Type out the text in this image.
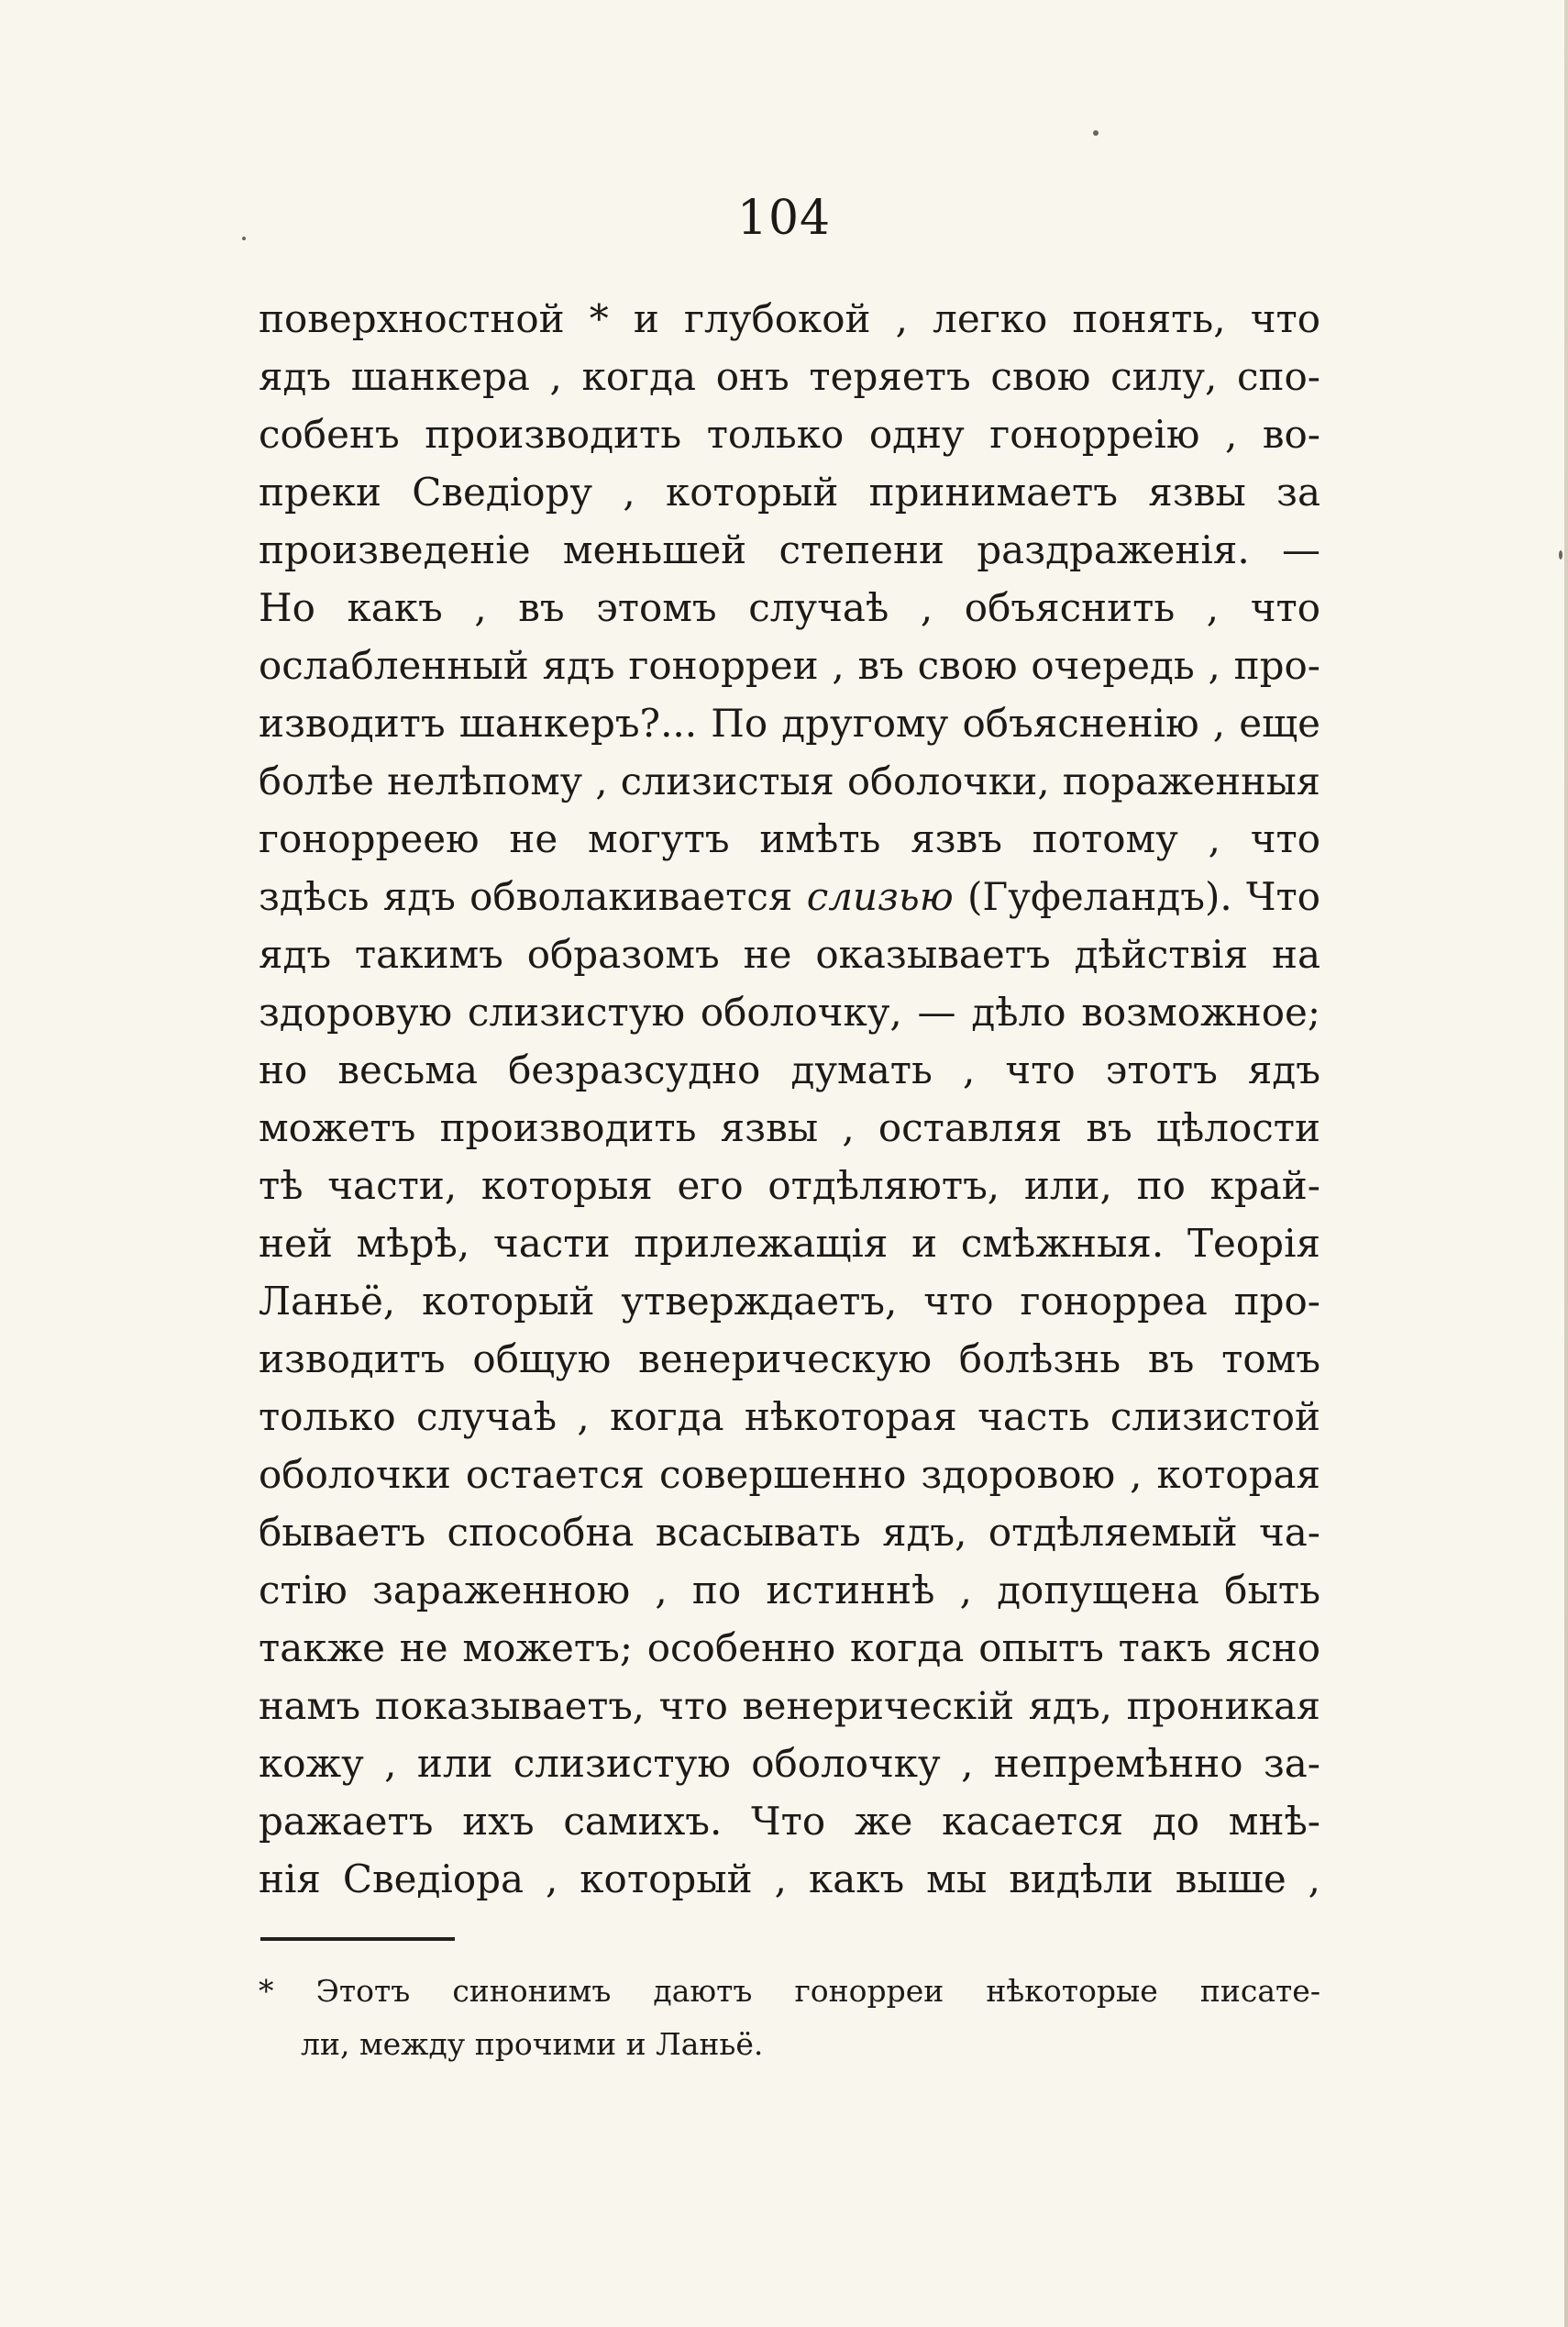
104
поверхностной * и глубокой , легко понять, что
ядъ шанкера , когда онъ теряетъ свою силу, спо-
собенъ производить только одну гонорреію , во-
преки Сведіору , который принимаетъ язвы за
произведеніе меньшей степени раздраженія. —
Но какъ , въ этомъ случаѣ , объяснить , что
ослабленный ядъ гонорреи , въ свою очередь , про-
изводитъ шанкеръ?... По другому объясненію , еще
болѣе нелѣпому , слизистыя оболочки, пораженныя
гонорреею не могутъ имѣть язвъ потому , что
здѣсь ядъ обволакивается слизью (Гуфеландъ). Что
ядъ такимъ образомъ не оказываетъ дѣйствія на
здоровую слизистую оболочку, — дѣло возможное;
но весьма безразсудно думать , что этотъ ядъ
можетъ производить язвы , оставляя въ цѣлости
тѣ части, которыя его отдѣляютъ, или, по край-
ней мѣрѣ, части прилежащія и смѣжныя. Теорія
Ланьё, который утверждаетъ, что гонорреа про-
изводитъ общую венерическую болѣзнь въ томъ
только случаѣ , когда нѣкоторая часть слизистой
оболочки остается совершенно здоровою , которая
бываетъ способна всасывать ядъ, отдѣляемый ча-
стію зараженною , по истиннѣ , допущена быть
также не можетъ; особенно когда опытъ такъ ясно
намъ показываетъ, что венерическій ядъ, проникая
кожу , или слизистую оболочку , непремѣнно за-
ражаетъ ихъ самихъ. Что же касается до мнѣ-
нія Сведіора , который , какъ мы видѣли выше ,
* Этотъ синонимъ даютъ гонорреи нѣкоторые писате-
ли, между прочими и Ланьё.
